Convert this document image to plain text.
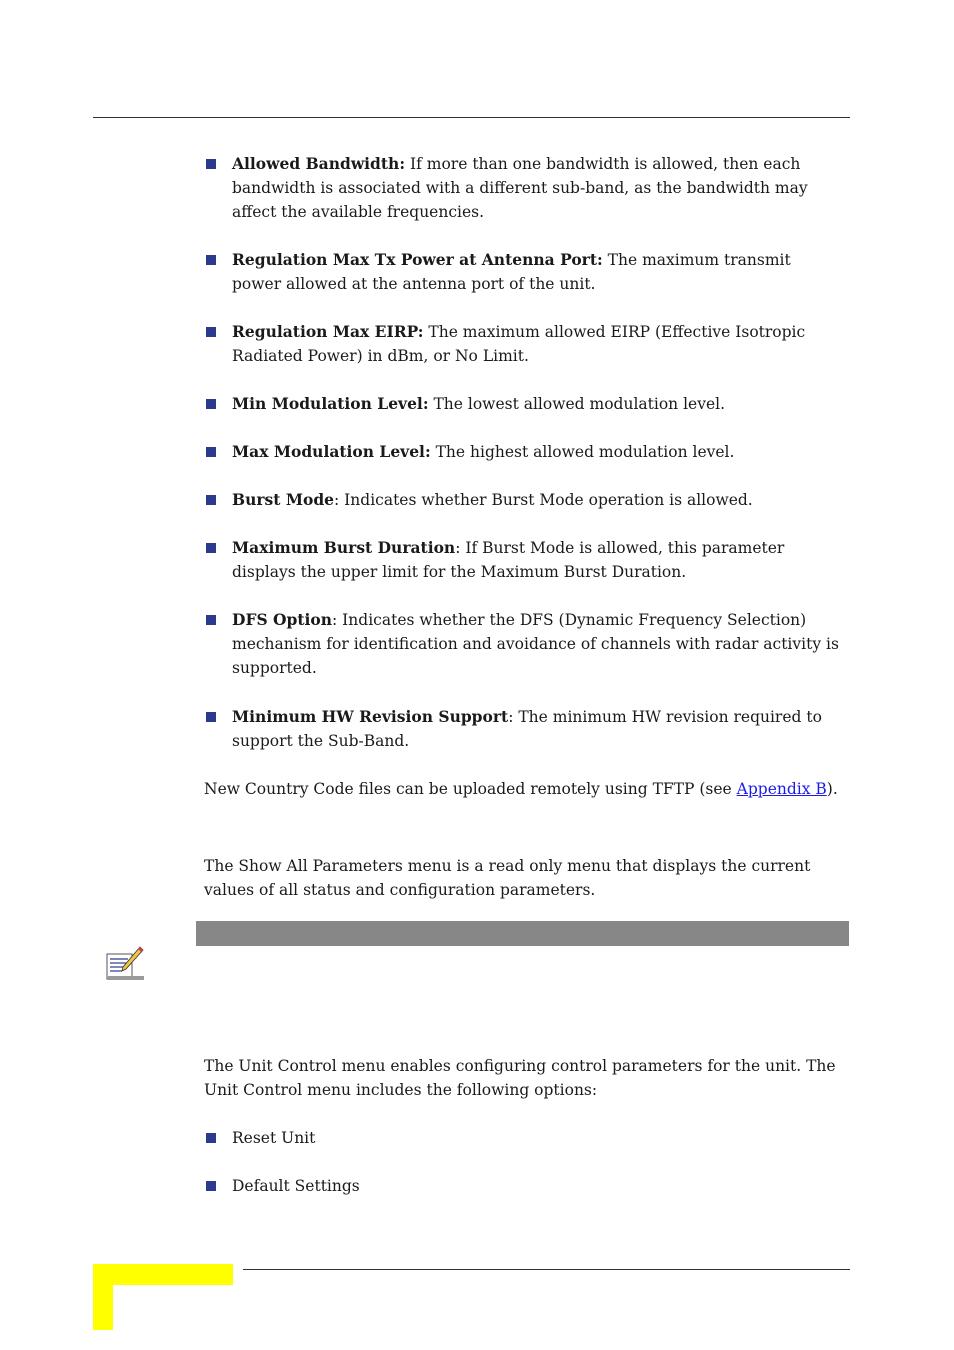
Allowed Bandwidth: If more than one bandwidth is allowed, then each bandwidth is associated with a different sub-band, as the bandwidth may affect the available frequencies.
Regulation Max Tx Power at Antenna Port: The maximum transmit power allowed at the antenna port of the unit.
Regulation Max EIRP: The maximum allowed EIRP (Effective Isotropic Radiated Power) in dBm, or No Limit.
Min Modulation Level: The lowest allowed modulation level.
Max Modulation Level: The highest allowed modulation level.
Burst Mode: Indicates whether Burst Mode operation is allowed.
Maximum Burst Duration: If Burst Mode is allowed, this parameter displays the upper limit for the Maximum Burst Duration.
DFS Option: Indicates whether the DFS (Dynamic Frequency Selection) mechanism for identification and avoidance of channels with radar activity is supported.
Minimum HW Revision Support: The minimum HW revision required to support the Sub-Band.
New Country Code files can be uploaded remotely using TFTP (see Appendix B).
The Show All Parameters menu is a read only menu that displays the current values of all status and configuration parameters.
The Unit Control menu enables configuring control parameters for the unit. The Unit Control menu includes the following options:
Reset Unit
Default Settings
